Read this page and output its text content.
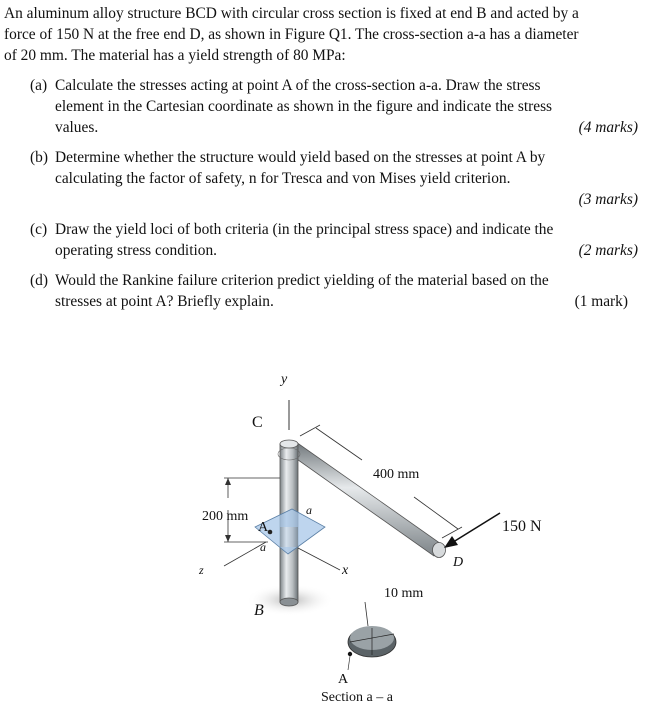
An aluminum alloy structure BCD with circular cross section is fixed at end B and acted by a
force of 150 N at the free end D, as shown in Figure Q1. The cross-section a-a has a diameter
of 20 mm. The material has a yield strength of 80 MPa:
(a) Calculate the stresses acting at point A of the cross-section a-a. Draw the stress
element in the Cartesian coordinate as shown in the figure and indicate the stress
values.	(4 marks)
(b) Determine whether the structure would yield based on the stresses at point A by
calculating the factor of safety, n for Tresca and von Mises yield criterion.
(3 marks)
(c) Draw the yield loci of both criteria (in the principal stress space) and indicate the
operating stress condition.	(2 marks)
(d) Would the Rankine failure criterion predict yielding of the material based on the
stresses at point A? Briefly explain.	(1 mark)
y
C
400 mm
200 mm
A
a
a
150 N
D
z	x
10 mm
B
A
Section a – a
